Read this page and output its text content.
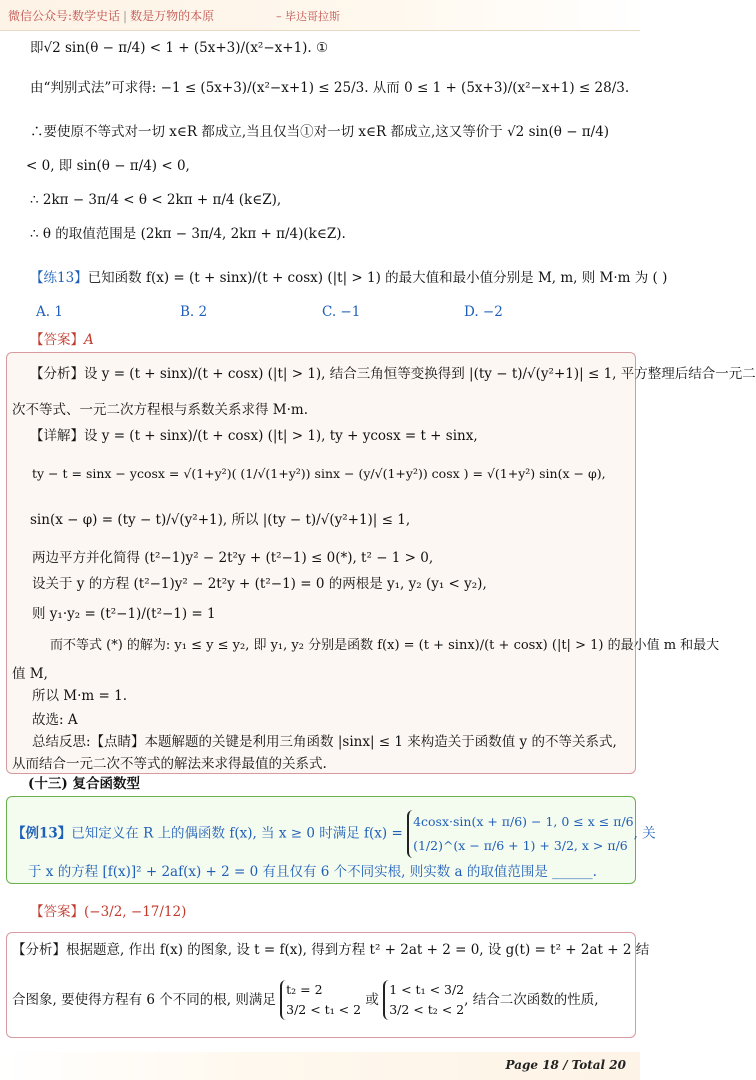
微信公众号:数学史话 | 数是万物的本原	– 毕达哥拉斯
即√2 sin(θ − π/4) < 1 + (5x+3)/(x²−x+1). ①
由“判别式法”可求得: −1 ≤ (5x+3)/(x²−x+1) ≤ 25/3. 从而 0 ≤ 1 + (5x+3)/(x²−x+1) ≤ 28/3.
∴要使原不等式对一切 x∈R 都成立,当且仅当①对一切 x∈R 都成立,这又等价于 √2 sin(θ − π/4)
< 0, 即 sin(θ − π/4) < 0,
∴ 2kπ − 3π/4 < θ < 2kπ + π/4 (k∈Z),
∴ θ 的取值范围是 (2kπ − 3π/4, 2kπ + π/4)(k∈Z).
【练13】已知函数 f(x) = (t + sinx)/(t + cosx) (|t| > 1) 的最大值和最小值分别是 M, m, 则 M·m 为 ( )
A. 1	B. 2	C. −1	D. −2
【答案】A
【分析】设 y = (t + sinx)/(t + cosx) (|t| > 1), 结合三角恒等变换得到 |(ty − t)/√(y²+1)| ≤ 1, 平方整理后结合一元二
次不等式、一元二次方程根与系数关系求得 M·m.
【详解】设 y = (t + sinx)/(t + cosx) (|t| > 1), ty + ycosx = t + sinx,
ty − t = sinx − ycosx = √(1+y²)( (1/√(1+y²)) sinx − (y/√(1+y²)) cosx ) = √(1+y²) sin(x − φ),
sin(x − φ) = (ty − t)/√(y²+1), 所以 |(ty − t)/√(y²+1)| ≤ 1,
两边平方并化简得 (t²−1)y² − 2t²y + (t²−1) ≤ 0(*), t² − 1 > 0,
设关于 y 的方程 (t²−1)y² − 2t²y + (t²−1) = 0 的两根是 y₁, y₂ (y₁ < y₂),
则 y₁·y₂ = (t²−1)/(t²−1) = 1
而不等式 (*) 的解为: y₁ ≤ y ≤ y₂, 即 y₁, y₂ 分别是函数 f(x) = (t + sinx)/(t + cosx) (|t| > 1) 的最小值 m 和最大
值 M,
所以 M·m = 1.
故选: A
总结反思:【点睛】本题解题的关键是利用三角函数 |sinx| ≤ 1 来构造关于函数值 y 的不等关系式,
从而结合一元二次不等式的解法来求得最值的关系式.
(十三) 复合函数型
【例13】已知定义在 R 上的偶函数 f(x), 当 x ≥ 0 时满足 f(x) =
4cosx·sin(x + π/6) − 1, 0 ≤ x ≤ π/6
(1/2)^(x − π/6 + 1) + 3/2, x > π/6
, 关
于 x 的方程 [f(x)]² + 2af(x) + 2 = 0 有且仅有 6 个不同实根, 则实数 a 的取值范围是 ______.
【答案】(−3/2, −17/12)
【分析】根据题意, 作出 f(x) 的图象, 设 t = f(x), 得到方程 t² + 2at + 2 = 0, 设 g(t) = t² + 2at + 2 结
合图象, 要使得方程有 6 个不同的根, 则满足
t₂ = 2
3/2 < t₁ < 2
或
1 < t₁ < 3/2
3/2 < t₂ < 2
, 结合二次函数的性质,
Page 18 / Total 20
